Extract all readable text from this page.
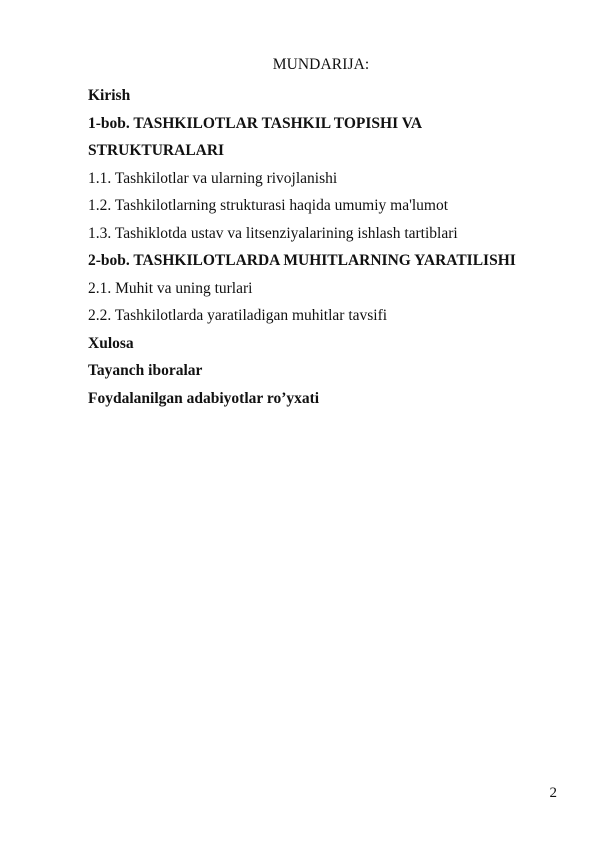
MUNDARIJA:
Kirish
1-bob. TASHKILOTLAR TASHKIL TOPISHI VA
STRUKTURALARI
1.1. Tashkilotlar va ularning rivojlanishi
1.2. Tashkilotlarning strukturasi haqida umumiy ma'lumot
1.3. Tashiklotda ustav va litsenziyalarining ishlash tartiblari
2-bob. TASHKILOTLARDA MUHITLARNING YARATILISHI
2.1. Muhit va uning turlari
2.2. Tashkilotlarda yaratiladigan muhitlar tavsifi
Xulosa
Tayanch iboralar
Foydalanilgan adabiyotlar ro’yxati
2
